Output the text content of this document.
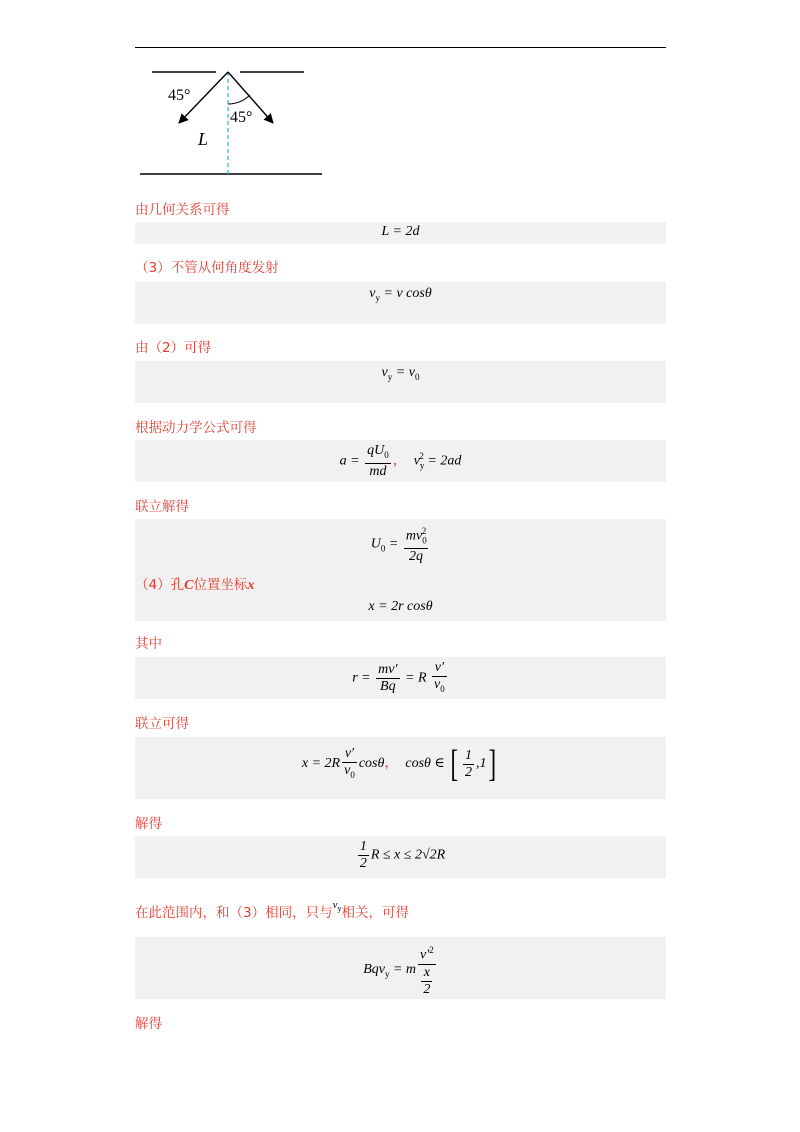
45°
45°
L
由几何关系可得
L = 2d
（3）不管从何角度发射
$v_y = v$ cosθ
由（2）可得
$v_y = v_0$
根据动力学公式可得
$a = \frac{qU_0}{md}$ ，  $v_y^2 = 2ad$
联立解得
$U_0 = \frac{mv_0^2}{2q}$
（4）孔C位置坐标x
x = 2r cosθ
其中
$r = \frac{mv'}{Bq} = R \frac{v'}{v_0}$
联立可得
$x = 2R \frac{v'}{v_0}$ cosθ，  cosθ ∈ [ $\frac{1}{2} ,1$]
解得
$\frac{1}{2}$ R ≤ x ≤ 2√2R
在此范围内，和（3）相同，只与$^{v_y}$相关，可得
Bqv$_y$ = m $\frac{v'^2}{\frac{x}{2}}$
解得
